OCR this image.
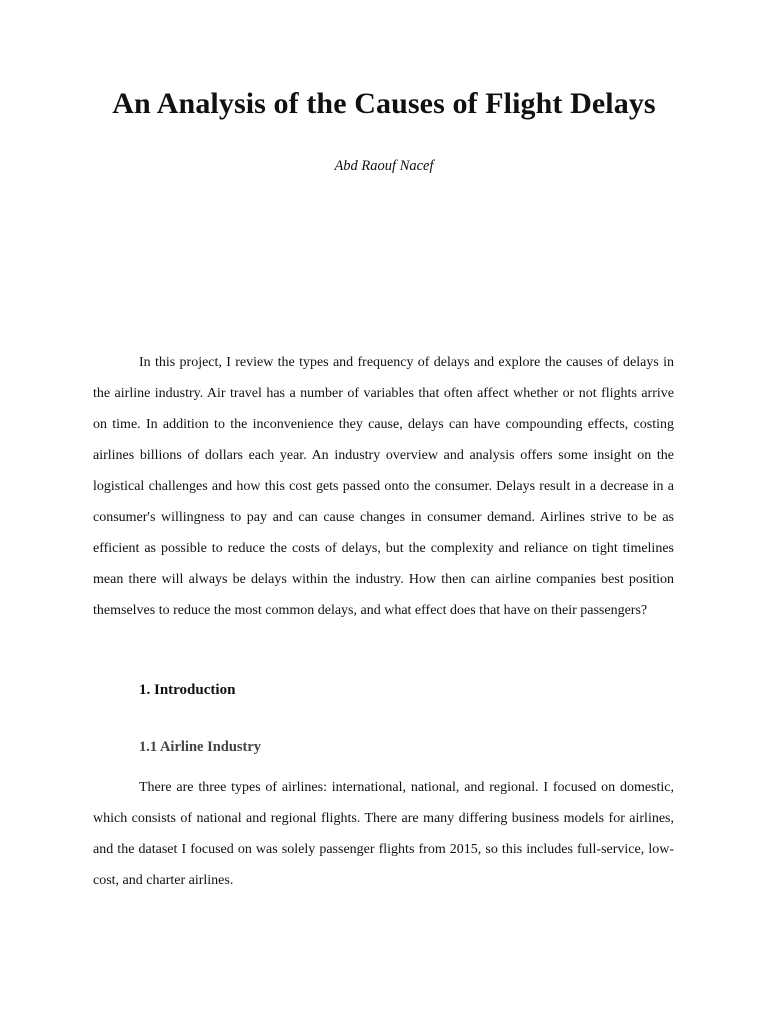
An Analysis of the Causes of Flight Delays
Abd Raouf Nacef

In this project, I review the types and frequency of delays and explore the causes of delays in the airline industry. Air travel has a number of variables that often affect whether or not flights arrive on time. In addition to the inconvenience they cause, delays can have compounding effects, costing airlines billions of dollars each year. An industry overview and analysis offers some insight on the logistical challenges and how this cost gets passed onto the consumer. Delays result in a decrease in a consumer's willingness to pay and can cause changes in consumer demand. Airlines strive to be as efficient as possible to reduce the costs of delays, but the complexity and reliance on tight timelines mean there will always be delays within the industry. How then can airline companies best position themselves to reduce the most common delays, and what effect does that have on their passengers?

1. Introduction
1.1 Airline Industry

There are three types of airlines: international, national, and regional. I focused on domestic, which consists of national and regional flights. There are many differing business models for airlines, and the dataset I focused on was solely passenger flights from 2015, so this includes full-service, low-cost, and charter airlines.
